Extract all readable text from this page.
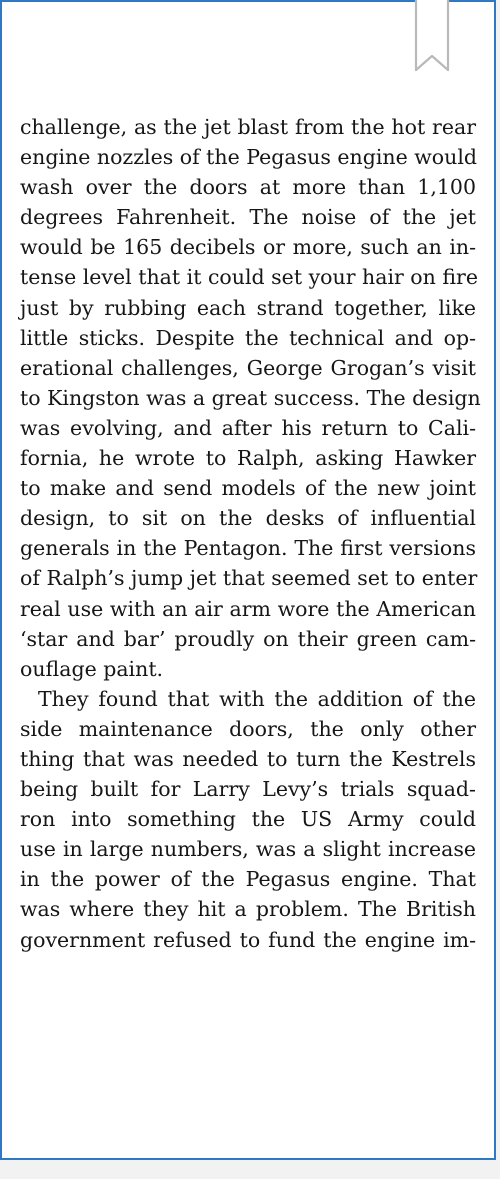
challenge, as the jet blast from the hot rear
engine nozzles of the Pegasus engine would
wash over the doors at more than 1,100
degrees Fahrenheit. The noise of the jet
would be 165 decibels or more, such an in-
tense level that it could set your hair on fire
just by rubbing each strand together, like
little sticks. Despite the technical and op-
erational challenges, George Grogan’s visit
to Kingston was a great success. The design
was evolving, and after his return to Cali-
fornia, he wrote to Ralph, asking Hawker
to make and send models of the new joint
design, to sit on the desks of influential
generals in the Pentagon. The first versions
of Ralph’s jump jet that seemed set to enter
real use with an air arm wore the American
‘star and bar’ proudly on their green cam-
ouflage paint.
They found that with the addition of the
side maintenance doors, the only other
thing that was needed to turn the Kestrels
being built for Larry Levy’s trials squad-
ron into something the US Army could
use in large numbers, was a slight increase
in the power of the Pegasus engine. That
was where they hit a problem. The British
government refused to fund the engine im-
